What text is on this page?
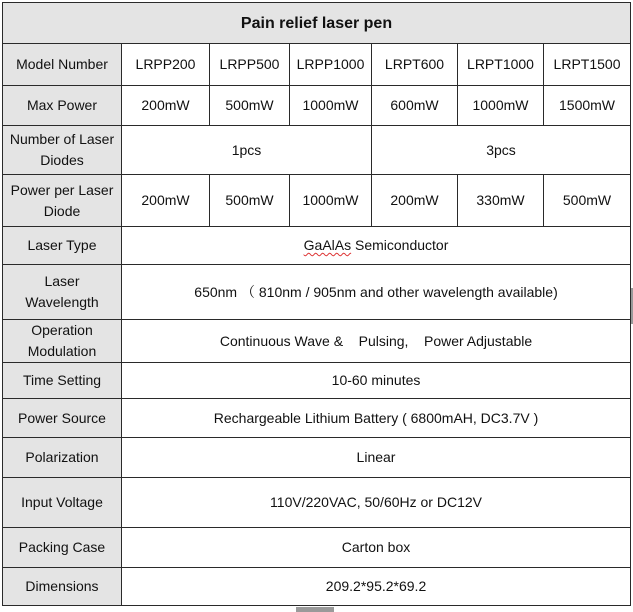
Pain relief laser pen						
Model Number	LRPP200	LRPP500	LRPP1000	LRPT600	LRPT1000	LRPT1500
Max Power	200mW	500mW	1000mW	600mW	1000mW	1500mW
Number of Laser Diodes	1pcs			3pcs		
Power per Laser Diode	200mW	500mW	1000mW	200mW	330mW	500mW
Laser Type	GaAlAs Semiconductor					
Laser Wavelength	650nm （ 810nm / 905nm and other wavelength available)					
Operation Modulation	Continuous Wave &    Pulsing,    Power Adjustable					
Time Setting	10-60 minutes					
Power Source	Rechargeable Lithium Battery ( 6800mAH, DC3.7V )					
Polarization	Linear					
Input Voltage	110V/220VAC, 50/60Hz or DC12V					
Packing Case	Carton box					
Dimensions	209.2*95.2*69.2					
